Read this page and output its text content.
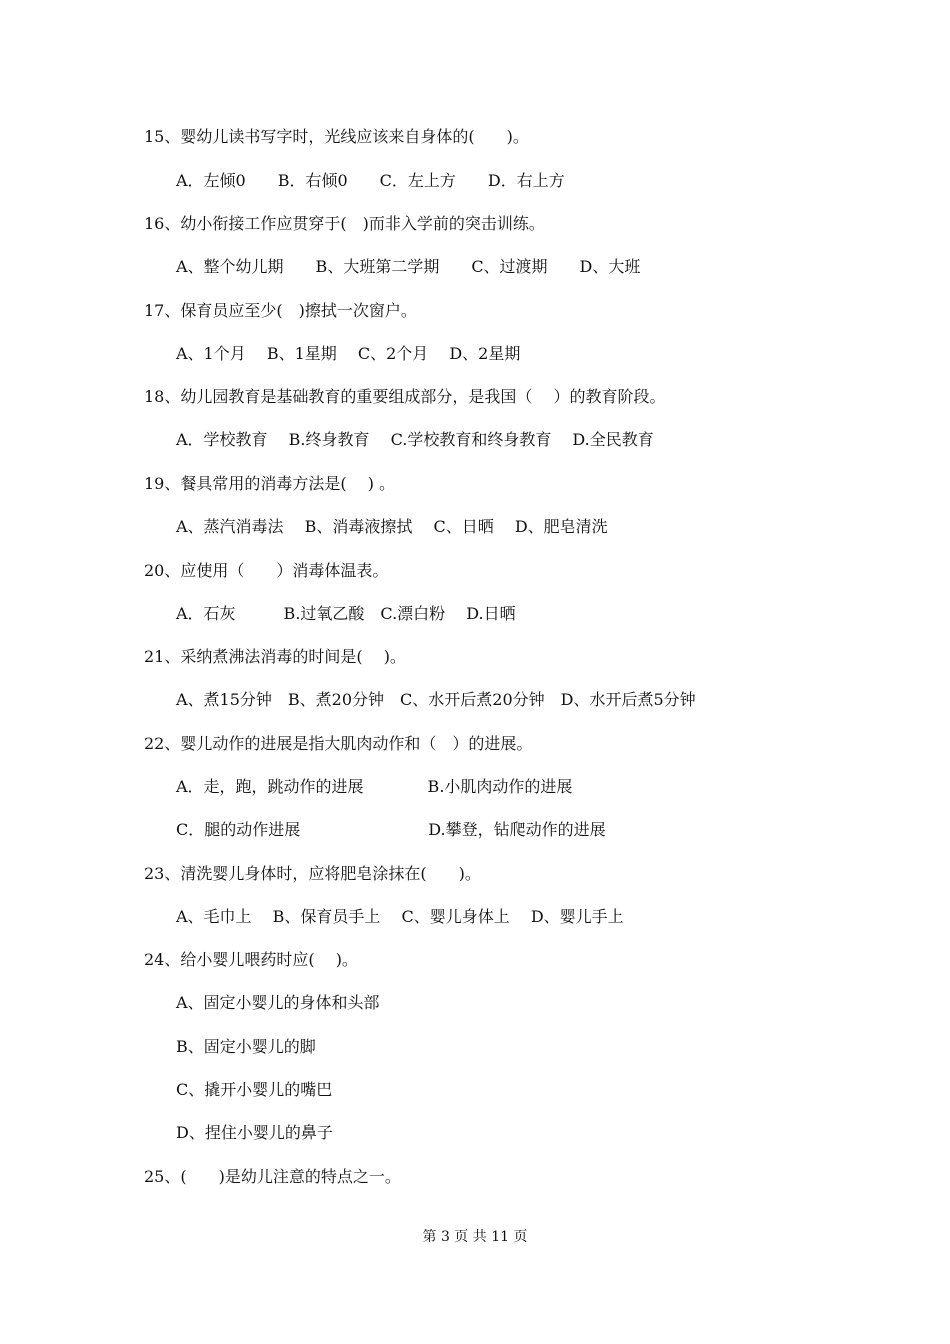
15、婴幼儿读书写字时，光线应该来自身体的(　　)。
A．左倾0　　B．右倾0　　C．左上方　　D．右上方
16、幼小衔接工作应贯穿于(　)而非入学前的突击训练。
A、整个幼儿期　　B、大班第二学期　　C、过渡期　　D、大班
17、保育员应至少(　)擦拭一次窗户。
A、1个月　 B、1星期　 C、2个月　 D、2星期
18、幼儿园教育是基础教育的重要组成部分，是我国（　 ）的教育阶段。
A．学校教育　 B.终身教育　 C.学校教育和终身教育　 D.全民教育
19、餐具常用的消毒方法是(　 ) 。
A、蒸汽消毒法　 B、消毒液擦拭　 C、日晒　 D、肥皂清洗
20、应使用（　　）消毒体温表。
A．石灰　　　B.过氧乙酸　C.漂白粉　 D.日晒
21、采纳煮沸法消毒的时间是(　 )。
A、煮15分钟　B、煮20分钟　C、水开后煮20分钟　D、水开后煮5分钟
22、婴儿动作的进展是指大肌肉动作和（　）的进展。
A．走，跑，跳动作的进展　　　　B.小肌肉动作的进展
C．腿的动作进展　　　　　　　　D.攀登，钻爬动作的进展
23、清洗婴儿身体时，应将肥皂涂抹在(　　)。
A、毛巾上　 B、保育员手上　 C、婴儿身体上　 D、婴儿手上
24、给小婴儿喂药时应(　 )。
A、固定小婴儿的身体和头部
B、固定小婴儿的脚
C、撬开小婴儿的嘴巴
D、捏住小婴儿的鼻子
25、(　　)是幼儿注意的特点之一。
第 3 页 共 11 页
